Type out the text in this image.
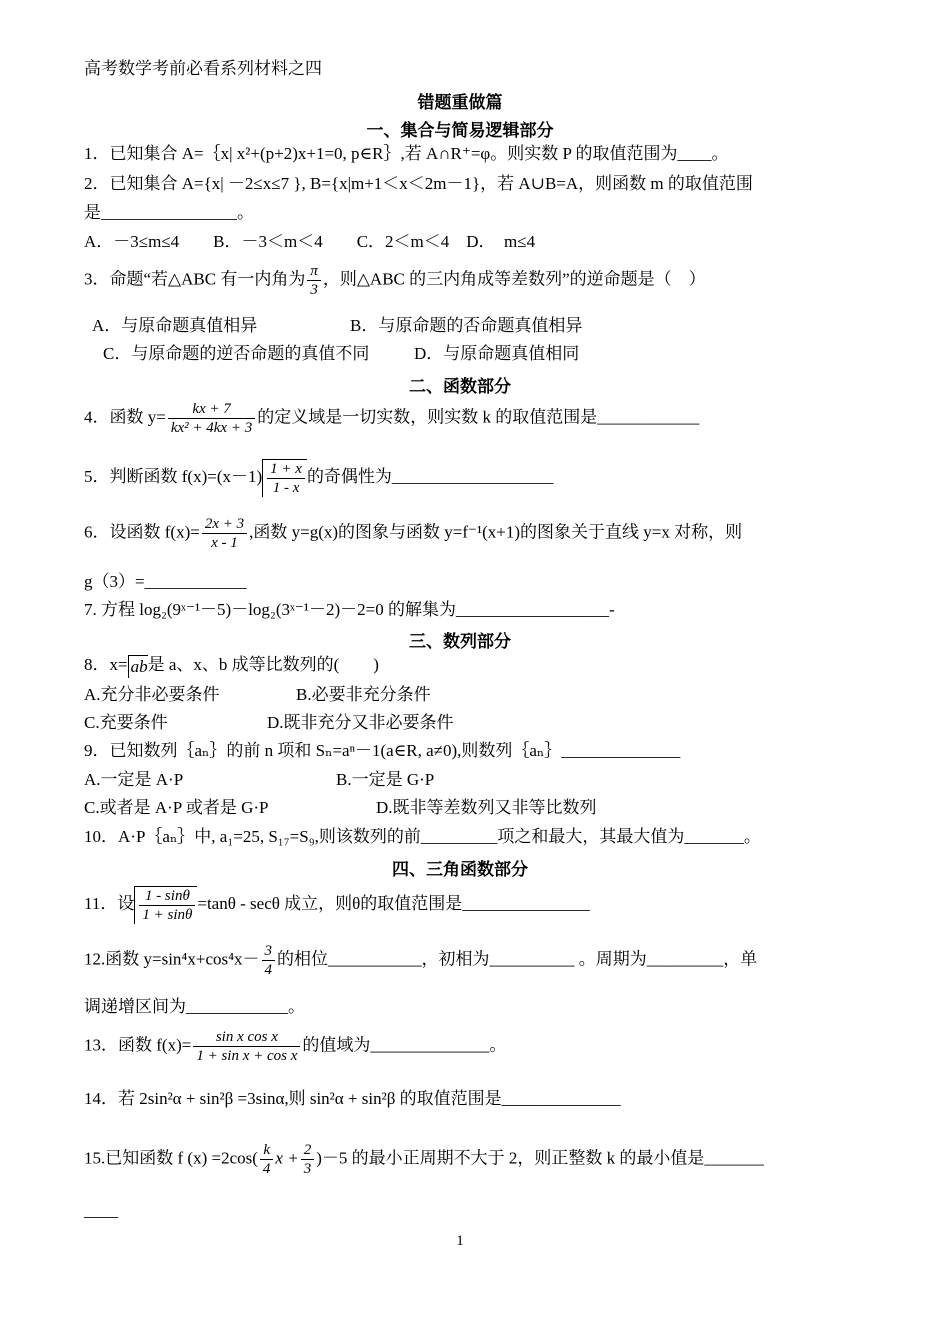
高考数学考前必看系列材料之四
错题重做篇
一、集合与简易逻辑部分
1．已知集合 A=｛x| x²+(p+2)x+1=0, p∈R｝,若 A∩R⁺=φ。则实数 P 的取值范围为____。
2．已知集合 A={x| －2≤x≤7 }, B={x|m+1＜x＜2m－1}，若 A∪B=A，则函数 m 的取值范围
是________________。
A．－3≤m≤4　　B．－3＜m＜4　　C．2＜m＜4　D．　m≤4
3．命题“若△ABC 有一内角为 $\frac{\pi}{3}$ ，则△ABC 的三内角成等差数列”的逆命题是（　）
A．与原命题真值相异	B．与原命题的否命题真值相异
C．与原命题的逆否命题的真值不同	D．与原命题真值相同
二、函数部分
4．函数 $y= \frac{kx + 7}{\text{kx² + 4kx + 3}}$ 的定义域是一切实数，则实数 k 的取值范围是____________
5．判断函数 $f(x)=(x-1) \frac{1 + x}{1 - x}$ 的奇偶性为___________________
6．设函数 $f(x)= \frac{2x + 3}{x - 1}$ ,函数 y=g(x)的图象与函数 y=f⁻¹(x+1)的图象关于直线 y=x 对称，则
g（3）=____________
7. 方程 log₂(9ˣ⁻¹－5)－log₂(3ˣ⁻¹－2)－2=0 的解集为__________________-
三、数列部分
8．x= ab是 a、x、b 成等比数列的(　　)
A.充分非必要条件	B.必要非充分条件
C.充要条件	D.既非充分又非必要条件
9．已知数列｛aₙ｝的前 n 项和 Sₙ=aⁿ－1(a∈R, a≠0),则数列｛aₙ｝______________
A.一定是 A·P	B.一定是 G·P
C.或者是 A·P 或者是 G·P	D.既非等差数列又非等比数列
10．A·P｛aₙ｝中, a₁=25, S₁₇=S₉,则该数列的前_________项之和最大，其最大值为_______。
四、三角函数部分
11．设 $\frac{1 - \sin\theta}{1 + \sin\theta} =\tan\theta - \sec\theta$ 成立，则θ的取值范围是_______________
12.函数 $y=\sin^4x+\cos^4x- \frac{3}{4}$ 的相位___________，初相为__________ 。周期为_________，单
调递增区间为____________。
13．函数 $f(x)= \frac{\text{sin x cos x}}{\text{1 + sin x + cos x}}$ 的值域为______________。
14．若 2sin²α + sin²β =3sinα,则 sin²α + sin²β 的取值范围是______________
15.已知函数 f $(x) =2\cos( \frac{k}{4}$ $x + \frac{2}{3} )-5$ 的最小正周期不大于 2，则正整数 k 的最小值是_______
____
1
